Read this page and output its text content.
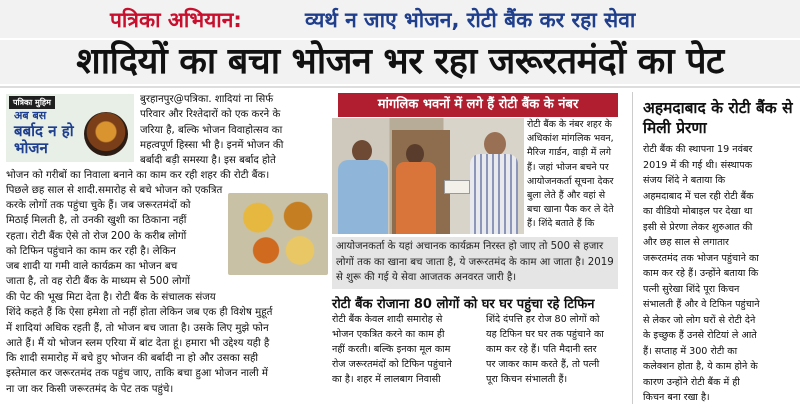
पत्रिका अभियान:	व्यर्थ न जाए भोजन, रोटी बैंक कर रहा सेवा
शादियों का बचा भोजन भर रहा जरूरतमंदों का पेट
पत्रिका मुहिम
अब बस
बर्बाद न हो
भोजन
बुरहानपुर@पत्रिका. शादियां ना सिर्फ
परिवार और रिश्तेदारों को एक करने के
जरिया है, बल्कि भोजन विवाहोत्सव का
महत्वपूर्ण हिस्सा भी है। इनमें भोजन की
बर्बादी बड़ी समस्या है। इस बर्बाद होते
भोजन को गरीबों का निवाला बनाने का काम कर रही शहर की रोटी बैंक।
पिछले छह साल से शादी.समारोह से बचे भोजन को एकत्रित
करके लोगों तक पहुंचा चुके हैं। जब जरूरतमंदों को
मिठाई मिलती है, तो उनकी खुशी का ठिकाना नहीं
रहता। रोटी बैंक ऐसे तो रोज 200 के करीब लोगों
को टिफिन पहुंचाने का काम कर रही है। लेकिन
जब शादी या गमी वाले कार्यक्रम का भोजन बच
जाता है, तो वह रोटी बैंक के माध्यम से 500 लोगों
की पेट की भूख मिटा देता है। रोटी बैंक के संचालक संजय
शिंदे कहते हैं कि ऐसा हमेशा तो नहीं होता लेकिन जब एक ही विशेष मुहूर्त
में शादियां अधिक रहती हैं, तो भोजन बच जाता है। उसके लिए मुझे फोन
आते हैं। मैं यो भोजन स्लम एरिया में बांट देता हूं। हमारा भी उद्देश्य यही है
कि शादी समारोह में बचे हुए भोजन की बर्बादी ना हो और उसका सही
इस्तेमाल कर जरूरतमंद तक पहुंच जाए, ताकि बचा हुआ भोजन नाली में
ना जा कर किसी जरूरतमंद के पेट तक पहुंचे।
मांगलिक भवनों में लगे हैं रोटी बैंक के नंबर
रोटी बैंक के नंबर शहर के
अधिकांश मांगलिक भवन,
मैरिज गार्डन, वाड़ी में लगे
हैं। जहां भोजन बचने पर
आयोजनकर्ता सूचना देकर
बुला लेते हैं और वहां से
बचा खाना पैक कर ले देते
हैं। शिंदे बताते हैं कि
आयोजनकर्ता के यहां अचानक कार्यक्रम निरस्त हो जाए तो 500 से हजार लोगों तक का खाना बच जाता है, ये जरूरतमंद के काम आ जाता है। 2019 से शुरू की गई ये सेवा आजतक अनवरत जारी है।
रोटी बैंक रोजाना 80 लोगों को घर घर पहुंचा रहे टिफिन
रोटी बैंक केवल शादी समारोह से
भोजन एकत्रित करने का काम ही
नहीं करती। बल्कि इनका मूल काम
रोज जरूरतमंदों को टिफिन पहुंचाने
का है। शहर में लालबाग निवासी
शिंदे दंपत्ति हर रोज 80 लोगों को
यह टिफिन घर घर तक पहुंचाने का
काम कर रहे हैं। पति मैदानी स्तर
पर जाकर काम करते हैं, तो पत्नी
पूरा किचन संभालती हैं।
अहमदाबाद के रोटी बैंक से मिली प्रेरणा
रोटी बैंक की स्थापना 19 नवंबर
2019 में की गई थी। संस्थापक
संजय शिंदे ने बताया कि
अहमदाबाद में चल रही रोटी बैंक
का वीडियो मोबाइल पर देखा था
इसी से प्रेरणा लेकर शुरुआत की
और छह साल से लगातार
जरूरतमंद तक भोजन पहुंचाने का
काम कर रहे हैं। उन्होंने बताया कि
पत्नी सुरेखा शिंदे पूरा किचन
संभालती हैं और वे टिफिन पहुंचाने
से लेकर जो लोग घरों से रोटी देने
के इच्छुक हैं उनसे रोटियां ले आते
हैं। सप्ताह में 300 रोटी का
कलेक्शन होता है, ये काम होने के
कारण उन्होंने रोटी बैंक में ही
किचन बना रखा है।
